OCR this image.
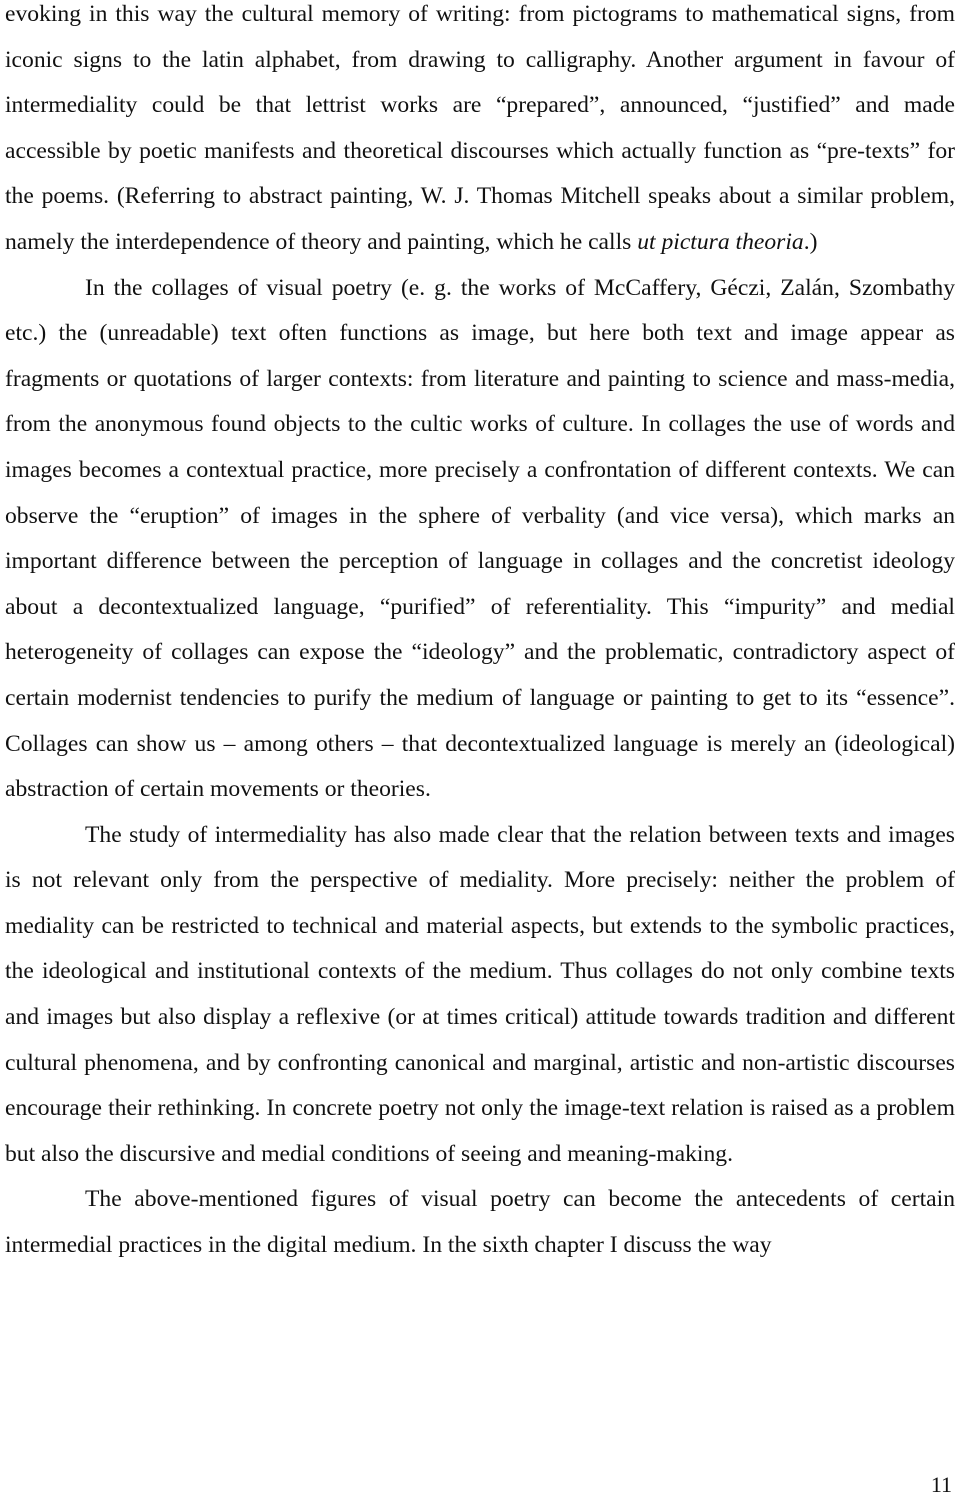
evoking in this way the cultural memory of writing: from pictograms to mathematical signs, from iconic signs to the latin alphabet, from drawing to calligraphy. Another argument in favour of intermediality could be that lettrist works are “prepared”, announced, “justified” and made accessible by poetic manifests and theoretical discourses which actually function as “pre-texts” for the poems. (Referring to abstract painting, W. J. Thomas Mitchell speaks about a similar problem, namely the interdependence of theory and painting, which he calls ut pictura theoria.)

In the collages of visual poetry (e. g. the works of McCaffery, Géczi, Zalán, Szombathy etc.) the (unreadable) text often functions as image, but here both text and image appear as fragments or quotations of larger contexts: from literature and painting to science and mass-media, from the anonymous found objects to the cultic works of culture. In collages the use of words and images becomes a contextual practice, more precisely a confrontation of different contexts. We can observe the “eruption” of images in the sphere of verbality (and vice versa), which marks an important difference between the perception of language in collages and the concretist ideology about a decontextualized language, “purified” of referentiality. This “impurity” and medial heterogeneity of collages can expose the “ideology” and the problematic, contradictory aspect of certain modernist tendencies to purify the medium of language or painting to get to its “essence”. Collages can show us – among others – that decontextualized language is merely an (ideological) abstraction of certain movements or theories.

The study of intermediality has also made clear that the relation between texts and images is not relevant only from the perspective of mediality. More precisely: neither the problem of mediality can be restricted to technical and material aspects, but extends to the symbolic practices, the ideological and institutional contexts of the medium. Thus collages do not only combine texts and images but also display a reflexive (or at times critical) attitude towards tradition and different cultural phenomena, and by confronting canonical and marginal, artistic and non-artistic discourses encourage their rethinking. In concrete poetry not only the image-text relation is raised as a problem but also the discursive and medial conditions of seeing and meaning-making.

The above-mentioned figures of visual poetry can become the antecedents of certain intermedial practices in the digital medium. In the sixth chapter I discuss the way

11
